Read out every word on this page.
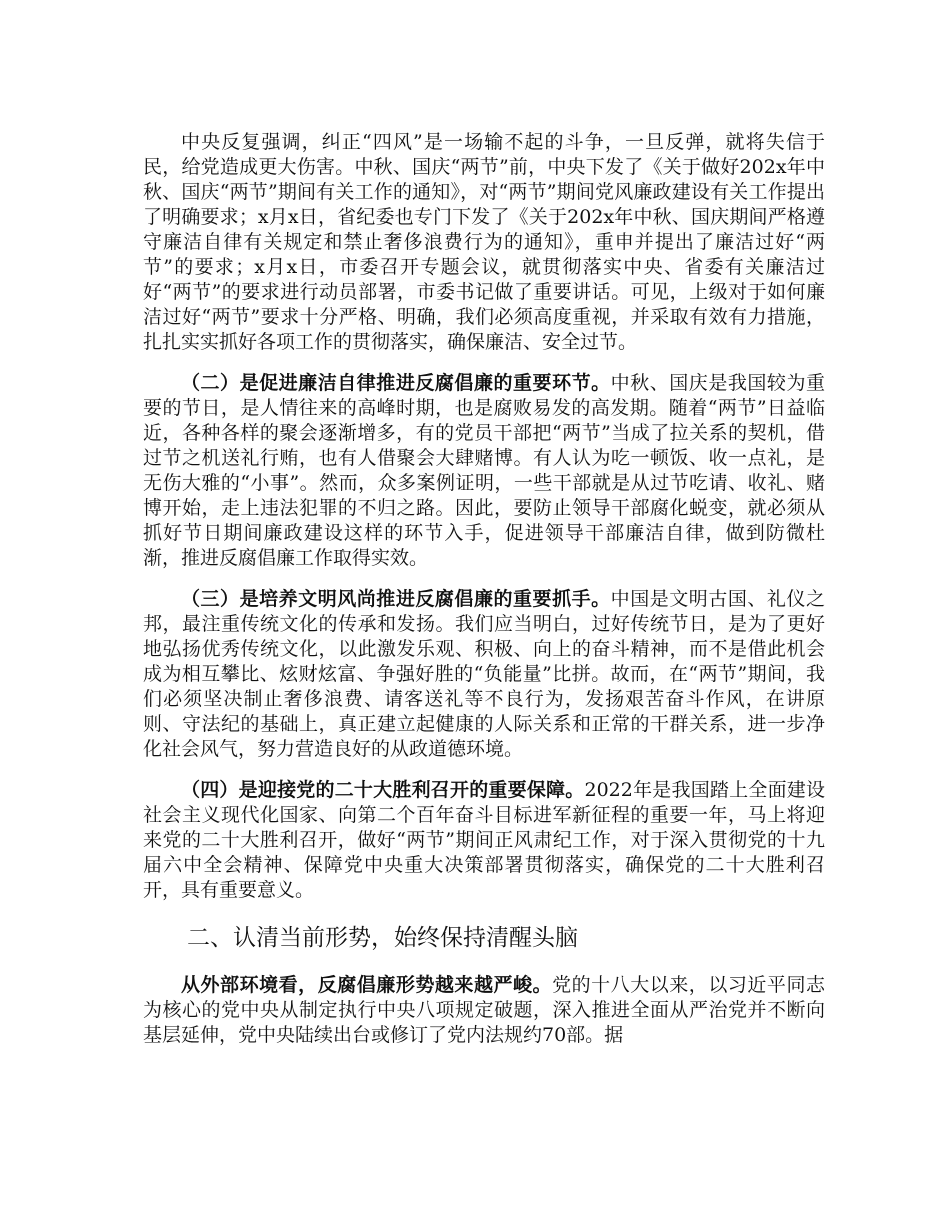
中央反复强调，纠正“四风”是一场输不起的斗争，一旦反弹，就将失信于民，给党造成更大伤害。中秋、国庆“两节”前，中央下发了《关于做好202x年中秋、国庆“两节”期间有关工作的通知》，对“两节”期间党风廉政建设有关工作提出了明确要求；x月x日，省纪委也专门下发了《关于202x年中秋、国庆期间严格遵守廉洁自律有关规定和禁止奢侈浪费行为的通知》，重申并提出了廉洁过好“两节”的要求；x月x日，市委召开专题会议，就贯彻落实中央、省委有关廉洁过好“两节”的要求进行动员部署，市委书记做了重要讲话。可见，上级对于如何廉洁过好“两节”要求十分严格、明确，我们必须高度重视，并采取有效有力措施，扎扎实实抓好各项工作的贯彻落实，确保廉洁、安全过节。

（二）是促进廉洁自律推进反腐倡廉的重要环节。中秋、国庆是我国较为重要的节日，是人情往来的高峰时期，也是腐败易发的高发期。随着“两节”日益临近，各种各样的聚会逐渐增多，有的党员干部把“两节”当成了拉关系的契机，借过节之机送礼行贿，也有人借聚会大肆赌博。有人认为吃一顿饭、收一点礼，是无伤大雅的“小事”。然而，众多案例证明，一些干部就是从过节吃请、收礼、赌博开始，走上违法犯罪的不归之路。因此，要防止领导干部腐化蜕变，就必须从抓好节日期间廉政建设这样的环节入手，促进领导干部廉洁自律，做到防微杜渐，推进反腐倡廉工作取得实效。

（三）是培养文明风尚推进反腐倡廉的重要抓手。中国是文明古国、礼仪之邦，最注重传统文化的传承和发扬。我们应当明白，过好传统节日，是为了更好地弘扬优秀传统文化，以此激发乐观、积极、向上的奋斗精神，而不是借此机会成为相互攀比、炫财炫富、争强好胜的“负能量”比拼。故而，在“两节”期间，我们必须坚决制止奢侈浪费、请客送礼等不良行为，发扬艰苦奋斗作风，在讲原则、守法纪的基础上，真正建立起健康的人际关系和正常的干群关系，进一步净化社会风气，努力营造良好的从政道德环境。

（四）是迎接党的二十大胜利召开的重要保障。2022年是我国踏上全面建设社会主义现代化国家、向第二个百年奋斗目标进军新征程的重要一年，马上将迎来党的二十大胜利召开，做好“两节”期间正风肃纪工作，对于深入贯彻党的十九届六中全会精神、保障党中央重大决策部署贯彻落实，确保党的二十大胜利召开，具有重要意义。

二、认清当前形势，始终保持清醒头脑

从外部环境看，反腐倡廉形势越来越严峻。党的十八大以来，以习近平同志为核心的党中央从制定执行中央八项规定破题，深入推进全面从严治党并不断向基层延伸，党中央陆续出台或修订了党内法规约70部。据
